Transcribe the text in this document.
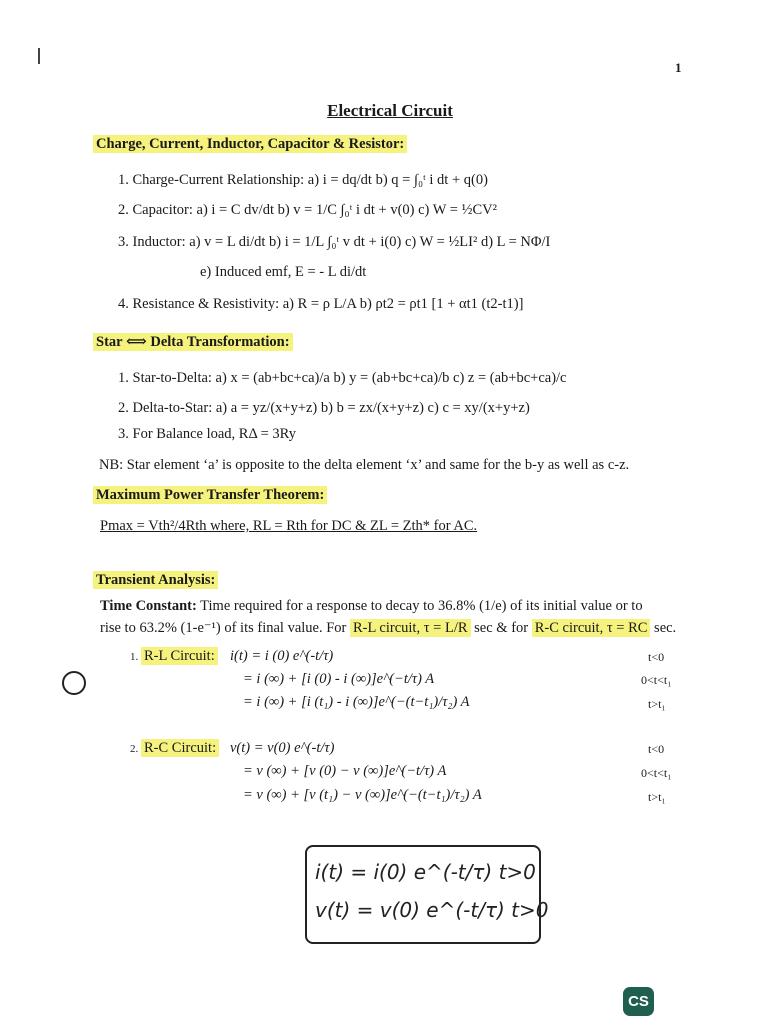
1
Electrical Circuit
Charge, Current, Inductor, Capacitor & Resistor:
1. Charge-Current Relationship: a) i = dq/dt b) q = ∫₀ᵗ i dt + q(0)
2. Capacitor: a) i = C dv/dt b) v = 1/C ∫₀ᵗ i dt + v(0) c) W = ½CV²
3. Inductor: a) v = L di/dt b) i = 1/L ∫₀ᵗ v dt + i(0) c) W = ½LI² d) L = NΦ/I
e) Induced emf, E = - L di/dt
4. Resistance & Resistivity: a) R = ρ L/A b) ρt2 = ρt1 [1 + αt1 (t2-t1)]
Star ⟺ Delta Transformation:
1. Star-to-Delta: a) x = (ab+bc+ca)/a b) y = (ab+bc+ca)/b c) z = (ab+bc+ca)/c
2. Delta-to-Star: a) a = yz/(x+y+z) b) b = zx/(x+y+z) c) c = xy/(x+y+z)
3. For Balance load, RΔ = 3Ry
NB: Star element ‘a’ is opposite to the delta element ‘x’ and same for the b-y as well as c-z.
Maximum Power Transfer Theorem:
Pmax = Vth²/4Rth where, RL = Rth for DC & ZL = Zth* for AC.
Transient Analysis:
Time Constant: Time required for a response to decay to 36.8% (1/e) of its initial value or to
rise to 63.2% (1-e⁻¹) of its final value. For R-L circuit, τ = L/R sec & for R-C circuit, τ = RC sec.
1. R-L Circuit: i(t) = i (0) e^(-t/τ)
= i (∞) + [i (0) - i (∞)]e^(−t/τ) A
= i (∞) + [i (t₁) - i (∞)]e^(−(t−t₁)/τ₂) A
t<0
0<t<t₁
t>t₁
2. R-C Circuit: v(t) = v(0) e^(-t/τ)
= v (∞) + [v (0) − v (∞)]e^(−t/τ) A
= v (∞) + [v (t₁) − v (∞)]e^(−(t−t₁)/τ₂) A
t<0
0<t<t₁
t>t₁
i(t) = i(0) e^(-t/τ) t>0
v(t) = v(0) e^(-t/τ) t>0
CS
